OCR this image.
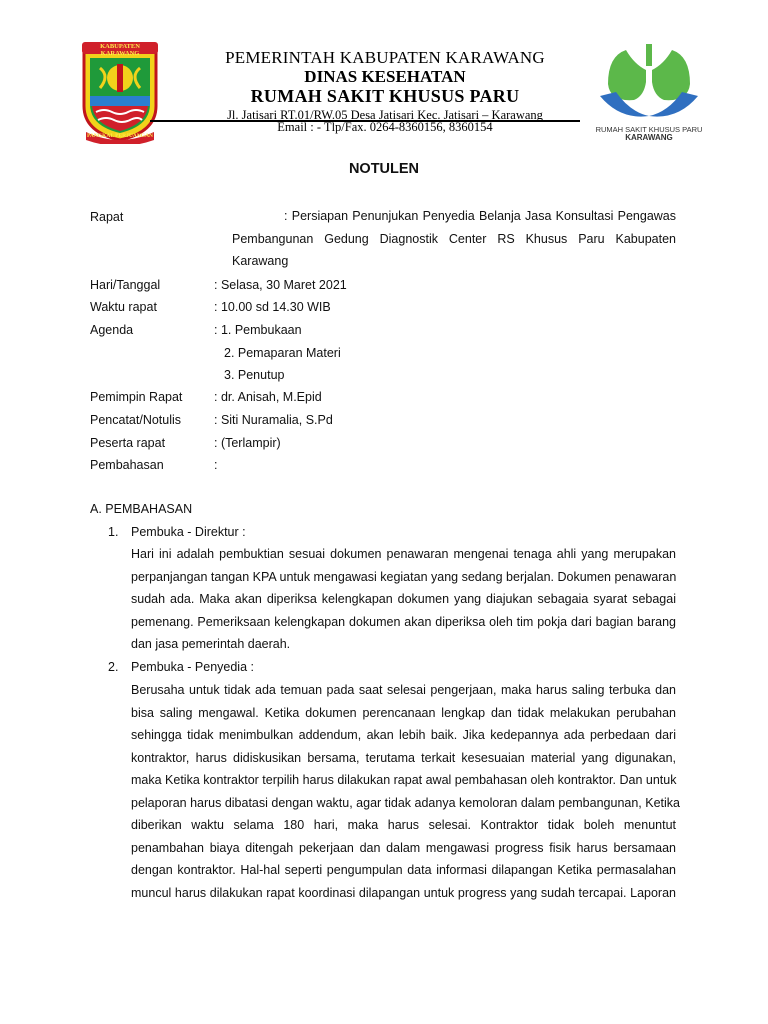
KABUPATEN KARAWANG
PANGKAL PERJUANGAN
PEMERINTAH KABUPATEN KARAWANG
DINAS KESEHATAN
RUMAH SAKIT KHUSUS PARU
Jl. Jatisari RT.01/RW.05 Desa Jatisari Kec. Jatisari – Karawang
Email : - Tlp/Fax. 0264-8360156, 8360154	RUMAH SAKIT KHUSUS PARU
KARAWANG
NOTULEN
Rapat	: Persiapan Penunjukan Penyedia Belanja Jasa Konsultasi Pengawas
Pembangunan Gedung Diagnostik Center RS Khusus Paru Kabupaten
Karawang
Hari/Tanggal	: Selasa, 30 Maret 2021
Waktu rapat	: 10.00 sd 14.30 WIB
Agenda	: 1. Pembukaan
2. Pemaparan Materi
3. Penutup
Pemimpin Rapat	: dr. Anisah, M.Epid
Pencatat/Notulis	: Siti Nuramalia, S.Pd
Peserta rapat	: (Terlampir)
Pembahasan	:
A. PEMBAHASAN
1. Pembuka - Direktur :
Hari ini adalah pembuktian sesuai dokumen penawaran mengenai tenaga ahli yang merupakan
perpanjangan tangan KPA untuk mengawasi kegiatan yang sedang berjalan. Dokumen penawaran
sudah ada. Maka akan diperiksa kelengkapan dokumen yang diajukan sebagaia syarat sebagai
pemenang. Pemeriksaan kelengkapan dokumen akan diperiksa oleh tim pokja dari bagian barang
dan jasa pemerintah daerah.
2. Pembuka - Penyedia :
Berusaha untuk tidak ada temuan pada saat selesai pengerjaan, maka harus saling terbuka dan
bisa saling mengawal. Ketika dokumen perencanaan lengkap dan tidak melakukan perubahan
sehingga tidak menimbulkan addendum, akan lebih baik. Jika kedepannya ada perbedaan dari
kontraktor, harus didiskusikan bersama, terutama terkait kesesuaian material yang digunakan,
maka Ketika kontraktor terpilih harus dilakukan rapat awal pembahasan oleh kontraktor. Dan untuk
pelaporan harus dibatasi dengan waktu, agar tidak adanya kemoloran dalam pembangunan, Ketika
diberikan waktu selama 180 hari, maka harus selesai. Kontraktor tidak boleh menuntut
penambahan biaya ditengah pekerjaan dan dalam mengawasi progress fisik harus bersamaan
dengan kontraktor. Hal-hal seperti pengumpulan data informasi dilapangan Ketika permasalahan
muncul harus dilakukan rapat koordinasi dilapangan untuk progress yang sudah tercapai. Laporan
